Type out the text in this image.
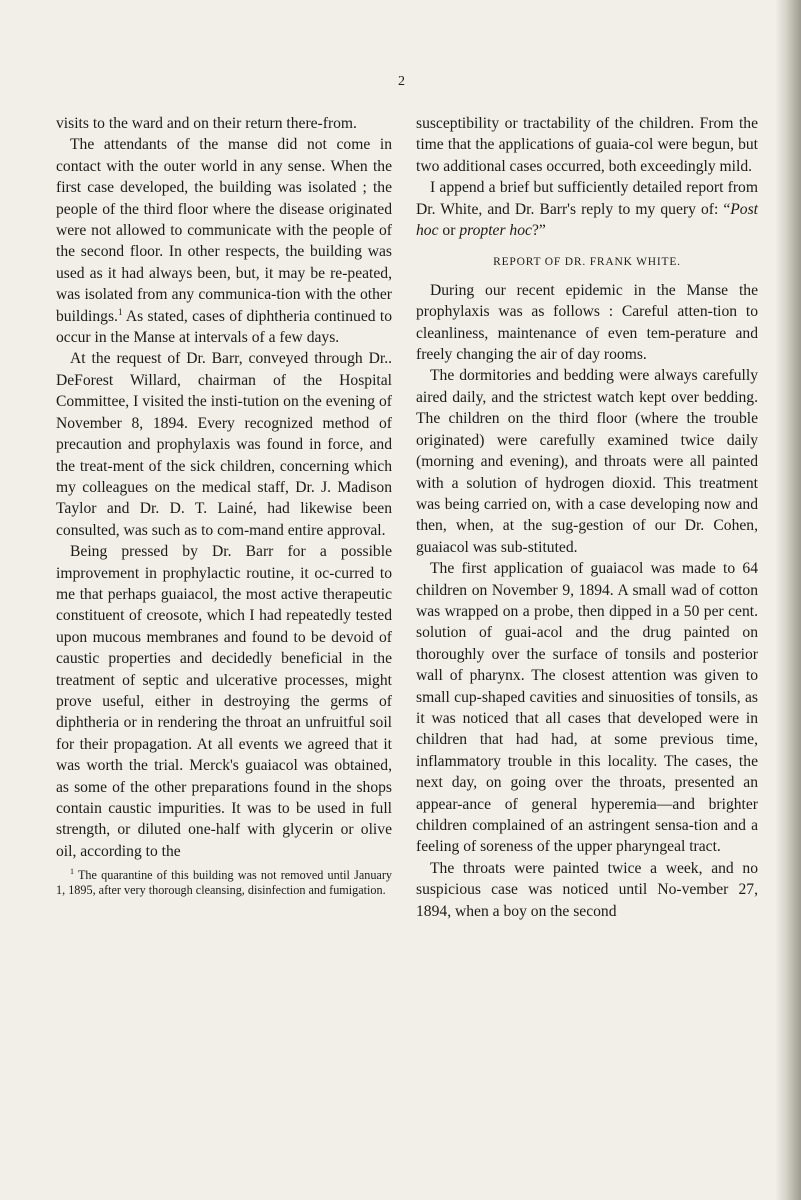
2

visits to the ward and on their return there-from.

The attendants of the manse did not come in contact with the outer world in any sense. When the first case developed, the building was isolated ; the people of the third floor where the disease originated were not allowed to communicate with the people of the second floor. In other respects, the building was used as it had always been, but, it may be re-peated, was isolated from any communica-tion with the other buildings.$^1$ As stated, cases of diphtheria continued to occur in the Manse at intervals of a few days.

At the request of Dr. Barr, conveyed through Dr.. DeForest Willard, chairman of the Hospital Committee, I visited the insti-tution on the evening of November 8, 1894. Every recognized method of precaution and prophylaxis was found in force, and the treat-ment of the sick children, concerning which my colleagues on the medical staff, Dr. J. Madison Taylor and Dr. D. T. Lainé, had likewise been consulted, was such as to com-mand entire approval.

Being pressed by Dr. Barr for a possible improvement in prophylactic routine, it oc-curred to me that perhaps guaiacol, the most active therapeutic constituent of creosote, which I had repeatedly tested upon mucous membranes and found to be devoid of caustic properties and decidedly beneficial in the treatment of septic and ulcerative processes, might prove useful, either in destroying the germs of diphtheria or in rendering the throat an unfruitful soil for their propagation. At all events we agreed that it was worth the trial. Merck's guaiacol was obtained, as some of the other preparations found in the shops contain caustic impurities. It was to be used in full strength, or diluted one-half with glycerin or olive oil, according to the

$^1$ The quarantine of this building was not removed until January 1, 1895, after very thorough cleansing, disinfection and fumigation.

susceptibility or tractability of the children. From the time that the applications of guaia-col were begun, but two additional cases occurred, both exceedingly mild.

I append a brief but sufficiently detailed report from Dr. White, and Dr. Barr's reply to my query of: “Post hoc or propter hoc?”

REPORT OF DR. FRANK WHITE.

During our recent epidemic in the Manse the prophylaxis was as follows : Careful atten-tion to cleanliness, maintenance of even tem-perature and freely changing the air of day rooms.

The dormitories and bedding were always carefully aired daily, and the strictest watch kept over bedding. The children on the third floor (where the trouble originated) were carefully examined twice daily (morning and evening), and throats were all painted with a solution of hydrogen dioxid. This treatment was being carried on, with a case developing now and then, when, at the sug-gestion of our Dr. Cohen, guaiacol was sub-stituted.

The first application of guaiacol was made to 64 children on November 9, 1894. A small wad of cotton was wrapped on a probe, then dipped in a 50 per cent. solution of guai-acol and the drug painted on thoroughly over the surface of tonsils and posterior wall of pharynx. The closest attention was given to small cup-shaped cavities and sinuosities of tonsils, as it was noticed that all cases that developed were in children that had had, at some previous time, inflammatory trouble in this locality. The cases, the next day, on going over the throats, presented an appear-ance of general hyperemia—and brighter children complained of an astringent sensa-tion and a feeling of soreness of the upper pharyngeal tract.

The throats were painted twice a week, and no suspicious case was noticed until No-vember 27, 1894, when a boy on the second
